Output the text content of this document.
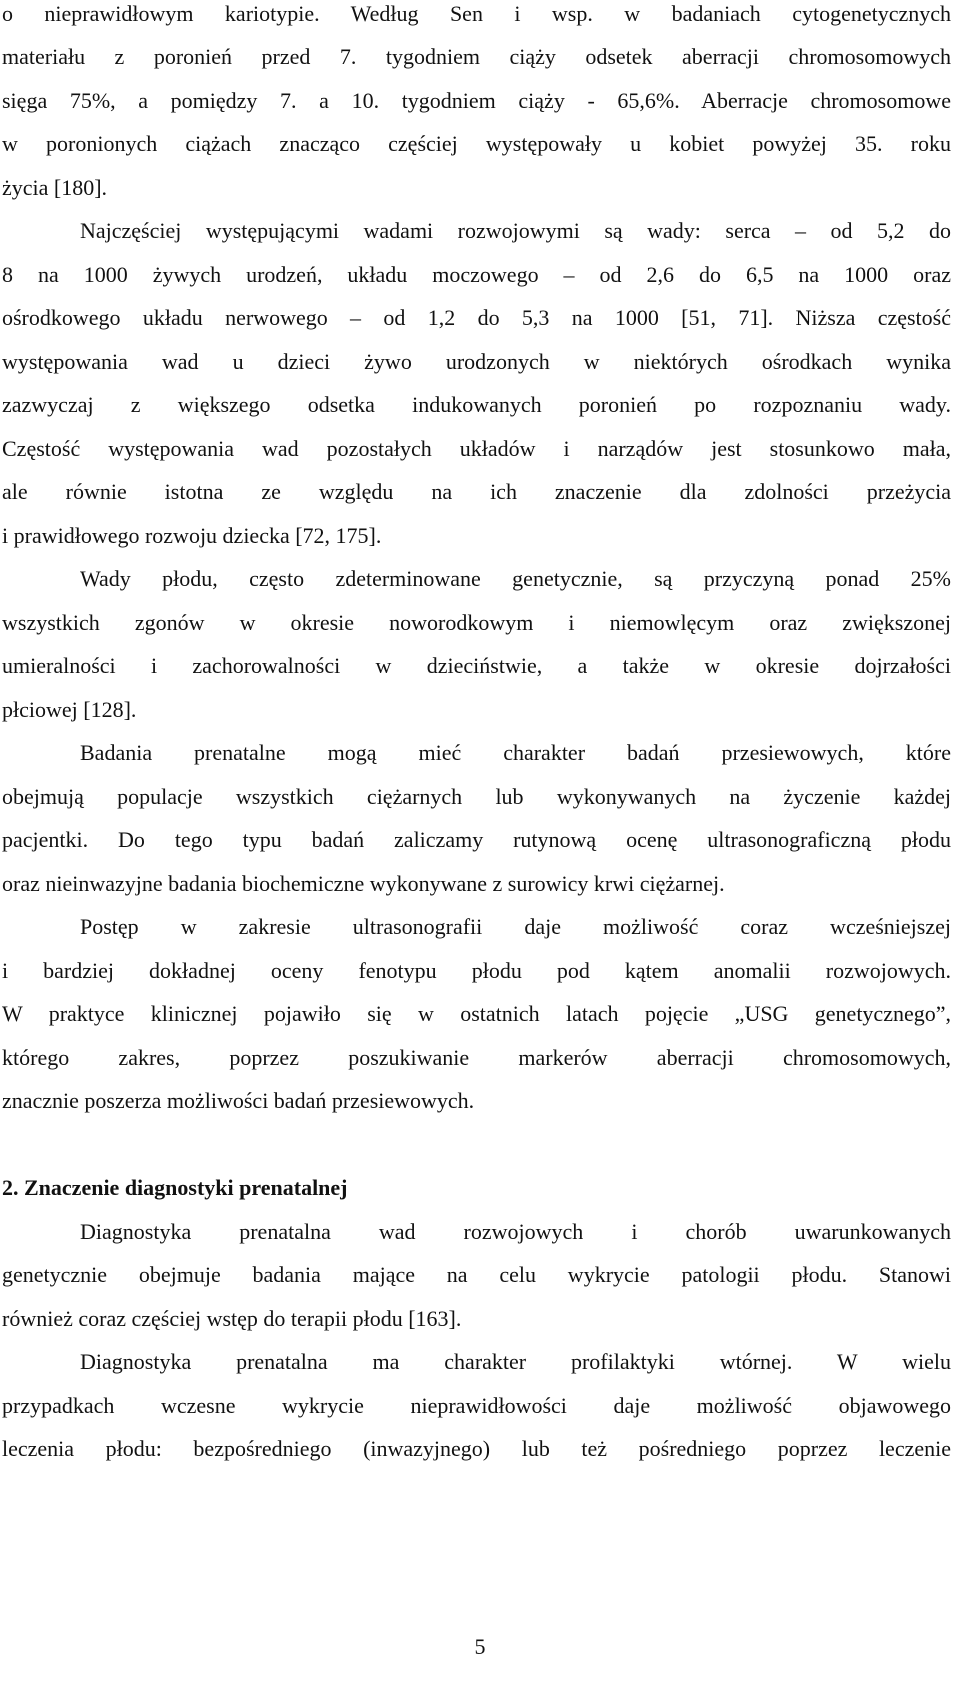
o nieprawidłowym kariotypie. Według Sen i wsp. w badaniach cytogenetycznych
materiału z poronień przed 7. tygodniem ciąży odsetek aberracji chromosomowych
sięga 75%, a pomiędzy 7. a 10. tygodniem ciąży - 65,6%. Aberracje chromosomowe
w poronionych ciążach znacząco częściej występowały u kobiet powyżej 35. roku
życia [180].
Najczęściej występującymi wadami rozwojowymi są wady: serca – od 5,2 do
8 na 1000 żywych urodzeń, układu moczowego – od 2,6 do 6,5 na 1000 oraz
ośrodkowego układu nerwowego – od 1,2 do 5,3 na 1000 [51, 71]. Niższa częstość
występowania wad u dzieci żywo urodzonych w niektórych ośrodkach wynika
zazwyczaj z większego odsetka indukowanych poronień po rozpoznaniu wady.
Częstość występowania wad pozostałych układów i narządów jest stosunkowo mała,
ale równie istotna ze względu na ich znaczenie dla zdolności przeżycia
i prawidłowego rozwoju dziecka [72, 175].
Wady płodu, często zdeterminowane genetycznie, są przyczyną ponad 25%
wszystkich zgonów w okresie noworodkowym i niemowlęcym oraz zwiększonej
umieralności i zachorowalności w dzieciństwie, a także w okresie dojrzałości
płciowej [128].
Badania prenatalne mogą mieć charakter badań przesiewowych, które
obejmują populacje wszystkich ciężarnych lub wykonywanych na życzenie każdej
pacjentki. Do tego typu badań zaliczamy rutynową ocenę ultrasonograficzną płodu
oraz nieinwazyjne badania biochemiczne wykonywane z surowicy krwi ciężarnej.
Postęp w zakresie ultrasonografii daje możliwość coraz wcześniejszej
i bardziej dokładnej oceny fenotypu płodu pod kątem anomalii rozwojowych.
W praktyce klinicznej pojawiło się w ostatnich latach pojęcie „USG genetycznego”,
którego zakres, poprzez poszukiwanie markerów aberracji chromosomowych,
znacznie poszerza możliwości badań przesiewowych.
2. Znaczenie diagnostyki prenatalnej
Diagnostyka prenatalna wad rozwojowych i chorób uwarunkowanych
genetycznie obejmuje badania mające na celu wykrycie patologii płodu. Stanowi
również coraz częściej wstęp do terapii płodu [163].
Diagnostyka prenatalna ma charakter profilaktyki wtórnej. W wielu
przypadkach wczesne wykrycie nieprawidłowości daje możliwość objawowego
leczenia płodu: bezpośredniego (inwazyjnego) lub też pośredniego poprzez leczenie
5
